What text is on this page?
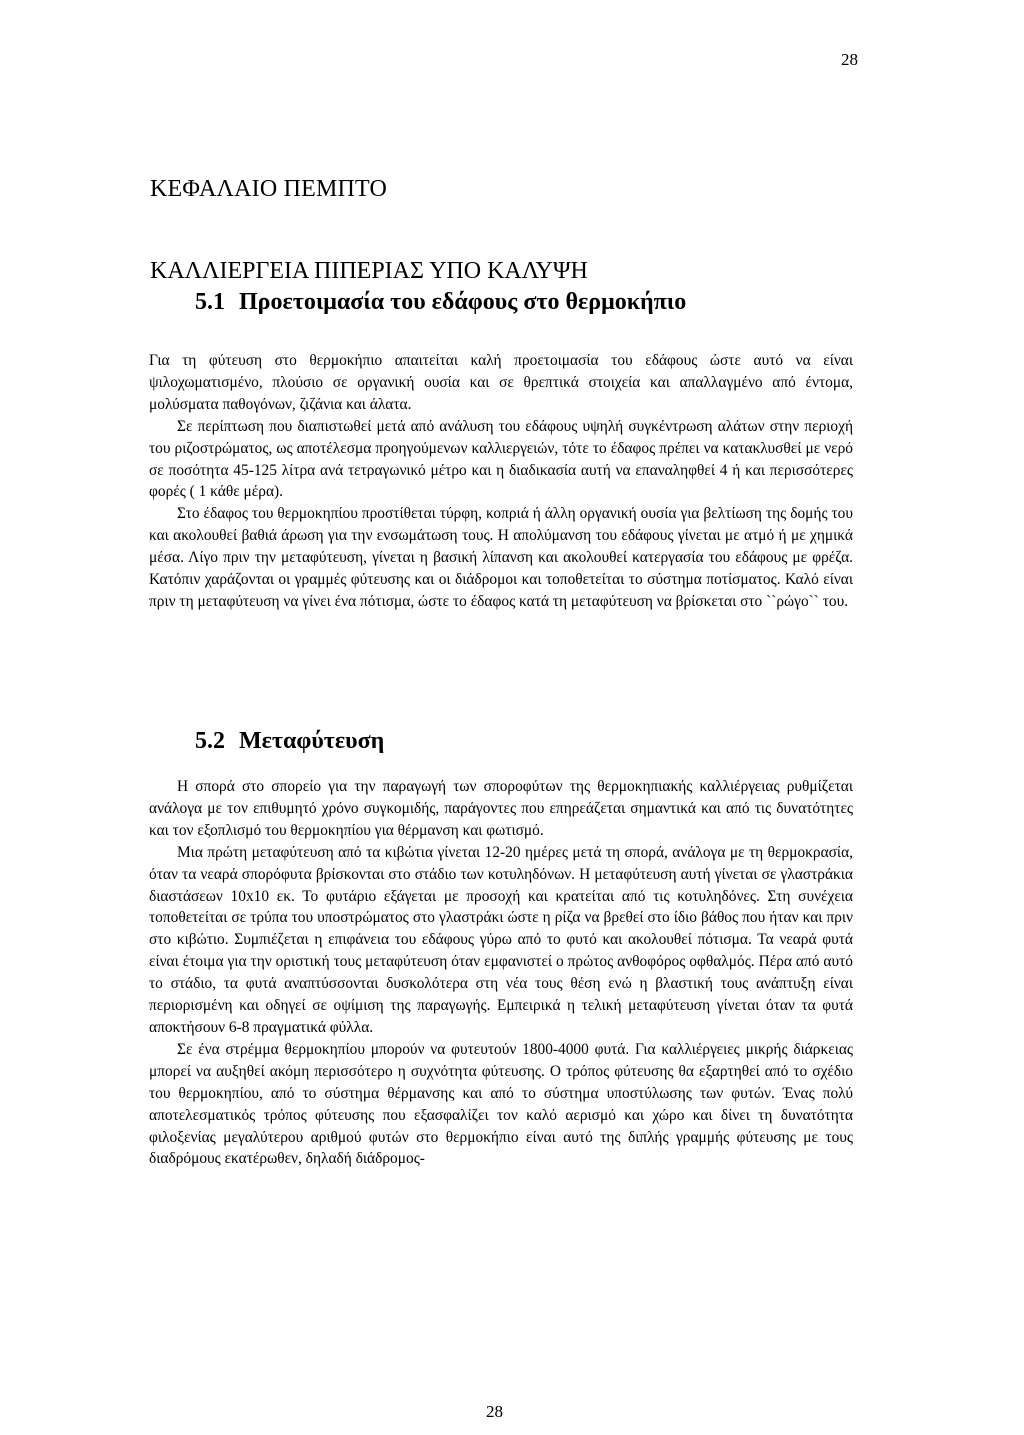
28
ΚΕΦΑΛΑΙΟ ΠΕΜΠΤΟ
ΚΑΛΛΙΕΡΓΕΙΑ ΠΙΠΕΡΙΑΣ ΥΠΟ ΚΑΛΥΨΗ
5.1 Προετοιμασία του εδάφους στο θερμοκήπιο

Για τη φύτευση στο θερμοκήπιο απαιτείται καλή προετοιμασία του εδάφους ώστε αυτό να είναι ψιλοχωματισμένο, πλούσιο σε οργανική ουσία και σε θρεπτικά στοιχεία και απαλλαγμένο από έντομα, μολύσματα παθογόνων, ζιζάνια και άλατα.

Σε περίπτωση που διαπιστωθεί μετά από ανάλυση του εδάφους υψηλή συγκέντρωση αλάτων στην περιοχή του ριζοστρώματος, ως αποτέλεσμα προηγούμενων καλλιεργειών, τότε το έδαφος πρέπει να κατακλυσθεί με νερό σε ποσότητα 45-125 λίτρα ανά τετραγωνικό μέτρο και η διαδικασία αυτή να επαναληφθεί 4 ή και περισσότερες φορές ( 1 κάθε μέρα).

Στο έδαφος του θερμοκηπίου προστίθεται τύρφη, κοπριά ή άλλη οργανική ουσία για βελτίωση της δομής του και ακολουθεί βαθιά άρωση για την ενσωμάτωση τους. Η απολύμανση του εδάφους γίνεται με ατμό ή με χημικά μέσα. Λίγο πριν την μεταφύτευση, γίνεται η βασική λίπανση και ακολουθεί κατεργασία του εδάφους με φρέζα. Κατόπιν χαράζονται οι γραμμές φύτευσης και οι διάδρομοι και τοποθετείται το σύστημα ποτίσματος. Καλό είναι πριν τη μεταφύτευση να γίνει ένα πότισμα, ώστε το έδαφος κατά τη μεταφύτευση να βρίσκεται στο ``ρώγο`` του.

5.2 Μεταφύτευση

Η σπορά στο σπορείο για την παραγωγή των σποροφύτων της θερμοκηπιακής καλλιέργειας ρυθμίζεται ανάλογα με τον επιθυμητό χρόνο συγκομιδής, παράγοντες που επηρεάζεται σημαντικά και από τις δυνατότητες και τον εξοπλισμό του θερμοκηπίου για θέρμανση και φωτισμό.

Μια πρώτη μεταφύτευση από τα κιβώτια γίνεται 12-20 ημέρες μετά τη σπορά, ανάλογα με τη θερμοκρασία, όταν τα νεαρά σπορόφυτα βρίσκονται στο στάδιο των κοτυληδόνων. Η μεταφύτευση αυτή γίνεται σε γλαστράκια διαστάσεων 10x10 εκ. Το φυτάριο εξάγεται με προσοχή και κρατείται από τις κοτυληδόνες. Στη συνέχεια τοποθετείται σε τρύπα του υποστρώματος στο γλαστράκι ώστε η ρίζα να βρεθεί στο ίδιο βάθος που ήταν και πριν στο κιβώτιο. Συμπιέζεται η επιφάνεια του εδάφους γύρω από το φυτό και ακολουθεί πότισμα. Τα νεαρά φυτά είναι έτοιμα για την οριστική τους μεταφύτευση όταν εμφανιστεί ο πρώτος ανθοφόρος οφθαλμός. Πέρα από αυτό το στάδιο, τα φυτά αναπτύσσονται δυσκολότερα στη νέα τους θέση ενώ η βλαστική τους ανάπτυξη είναι περιορισμένη και οδηγεί σε οψίμιση της παραγωγής. Εμπειρικά η τελική μεταφύτευση γίνεται όταν τα φυτά αποκτήσουν 6-8 πραγματικά φύλλα.

Σε ένα στρέμμα θερμοκηπίου μπορούν να φυτευτούν 1800-4000 φυτά. Για καλλιέργειες μικρής διάρκειας μπορεί να αυξηθεί ακόμη περισσότερο η συχνότητα φύτευσης. Ο τρόπος φύτευσης θα εξαρτηθεί από το σχέδιο του θερμοκηπίου, από το σύστημα θέρμανσης και από το σύστημα υποστύλωσης των φυτών. Ένας πολύ αποτελεσματικός τρόπος φύτευσης που εξασφαλίζει τον καλό αερισμό και χώρο και δίνει τη δυνατότητα φιλοξενίας μεγαλύτερου αριθμού φυτών στο θερμοκήπιο είναι αυτό της διπλής γραμμής φύτευσης με τους διαδρόμους εκατέρωθεν, δηλαδή διάδρομος-

28
